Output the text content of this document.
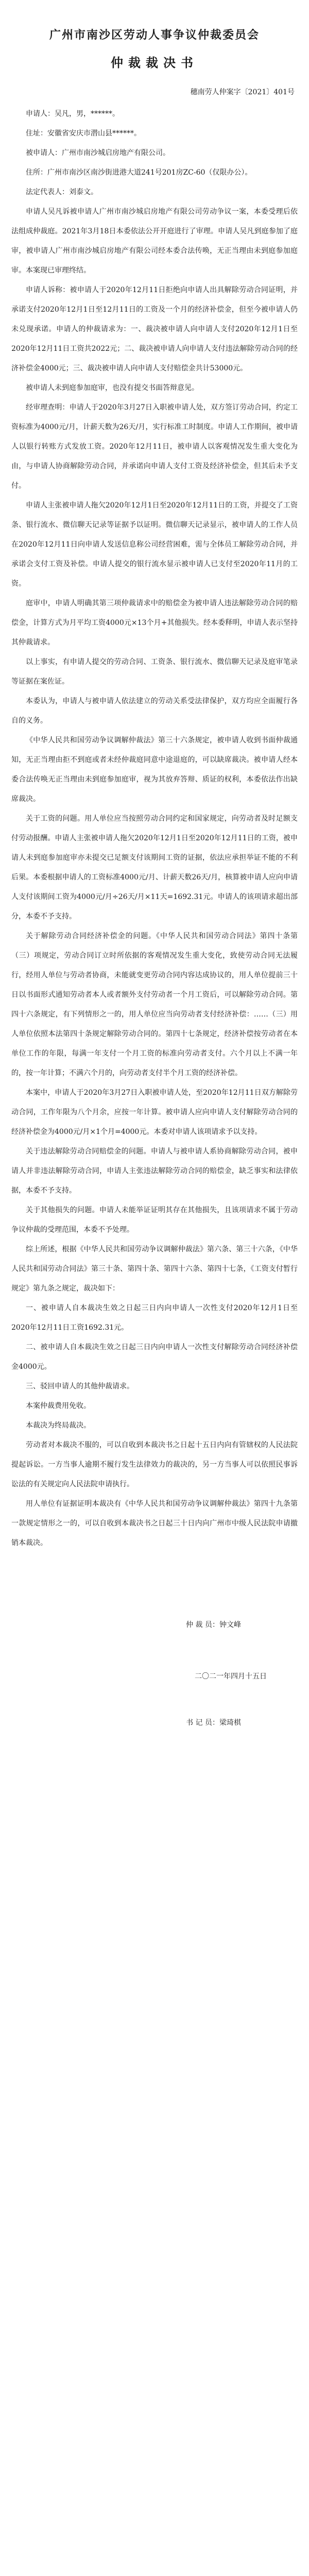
广州市南沙区劳动人事争议仲裁委员会
仲裁裁决书
穗南劳人仲案字〔2021〕401号

申请人：吴凡，男，******。

住址：安徽省安庆市潜山县******。

被申请人：广州市南沙城启房地产有限公司。

住所：广州市南沙区南沙街进港大道241号201房ZC-60（仅限办公）。

法定代表人：刘泰文。

申请人吴凡诉被申请人广州市南沙城启房地产有限公司劳动争议一案，本委受理后依法组成仲裁庭。2021年3月18日本委依法公开开庭进行了审理。申请人吴凡到庭参加了庭审，被申请人广州市南沙城启房地产有限公司经本委合法传唤，无正当理由未到庭参加庭审。本案现已审理终结。

申请人诉称：被申请人于2020年12月11日拒绝向申请人出具解除劳动合同证明，并承诺支付2020年12月1日至12月11日的工资及一个月的经济补偿金，但至今被申请人仍未兑现承诺。申请人的仲裁请求为：一、裁决被申请人向申请人支付2020年12月1日至2020年12月11日工资共2022元；二、裁决被申请人向申请人支付违法解除劳动合同的经济补偿金4000元；三、裁决被申请人向申请人支付赔偿金共计53000元。

被申请人未到庭参加庭审，也没有提交书面答辩意见。

经审理查明：申请人于2020年3月27日入职被申请人处，双方签订劳动合同，约定工资标准为4000元/月，计薪天数为26天/月，实行标准工时制度。申请人工作期间，被申请人以银行转账方式发放工资。2020年12月11日，被申请人以客观情况发生重大变化为由，与申请人协商解除劳动合同，并承诺向申请人支付工资及经济补偿金，但其后未予支付。

申请人主张被申请人拖欠2020年12月1日至2020年12月11日的工资，并提交了工资条、银行流水、微信聊天记录等证据予以证明。微信聊天记录显示，被申请人的工作人员在2020年12月11日向申请人发送信息称公司经营困难，需与全体员工解除劳动合同，并承诺会支付工资及补偿。申请人提交的银行流水显示被申请人已支付至2020年11月的工资。

庭审中，申请人明确其第三项仲裁请求中的赔偿金为被申请人违法解除劳动合同的赔偿金，计算方式为月平均工资4000元×13个月+其他损失。经本委释明，申请人表示坚持其仲裁请求。

以上事实，有申请人提交的劳动合同、工资条、银行流水、微信聊天记录及庭审笔录等证据在案佐证。

本委认为，申请人与被申请人依法建立的劳动关系受法律保护，双方均应全面履行各自的义务。

《中华人民共和国劳动争议调解仲裁法》第三十六条规定，被申请人收到书面仲裁通知，无正当理由拒不到庭或者未经仲裁庭同意中途退庭的，可以缺席裁决。被申请人经本委合法传唤无正当理由未到庭参加庭审，视为其放弃答辩、质证的权利，本委依法作出缺席裁决。

关于工资的问题。用人单位应当按照劳动合同约定和国家规定，向劳动者及时足额支付劳动报酬。申请人主张被申请人拖欠2020年12月1日至2020年12月11日的工资，被申请人未到庭参加庭审亦未提交已足额支付该期间工资的证据，依法应承担举证不能的不利后果。本委根据申请人的工资标准4000元/月、计薪天数26天/月，核算被申请人应向申请人支付该期间工资为4000元/月÷26天/月×11天=1692.31元。申请人的该项请求超出部分，本委不予支持。

关于解除劳动合同经济补偿金的问题。《中华人民共和国劳动合同法》第四十条第（三）项规定，劳动合同订立时所依据的客观情况发生重大变化，致使劳动合同无法履行，经用人单位与劳动者协商，未能就变更劳动合同内容达成协议的，用人单位提前三十日以书面形式通知劳动者本人或者额外支付劳动者一个月工资后，可以解除劳动合同。第四十六条规定，有下列情形之一的，用人单位应当向劳动者支付经济补偿：……（三）用人单位依照本法第四十条规定解除劳动合同的。第四十七条规定，经济补偿按劳动者在本单位工作的年限，每满一年支付一个月工资的标准向劳动者支付。六个月以上不满一年的，按一年计算；不满六个月的，向劳动者支付半个月工资的经济补偿。

本案中，申请人于2020年3月27日入职被申请人处，至2020年12月11日双方解除劳动合同，工作年限为八个月余，应按一年计算。被申请人应向申请人支付解除劳动合同的经济补偿金为4000元/月×1个月=4000元。本委对申请人该项请求予以支持。

关于违法解除劳动合同赔偿金的问题。申请人与被申请人系协商解除劳动合同，被申请人并非违法解除劳动合同，申请人主张违法解除劳动合同的赔偿金，缺乏事实和法律依据，本委不予支持。

关于其他损失的问题。申请人未能举证证明其存在其他损失，且该项请求不属于劳动争议仲裁的受理范围，本委不予处理。

综上所述，根据《中华人民共和国劳动争议调解仲裁法》第六条、第三十六条，《中华人民共和国劳动合同法》第三十条、第四十条、第四十六条、第四十七条，《工资支付暂行规定》第九条之规定，裁决如下：

一、被申请人自本裁决生效之日起三日内向申请人一次性支付2020年12月1日至2020年12月11日工资1692.31元。

二、被申请人自本裁决生效之日起三日内向申请人一次性支付解除劳动合同经济补偿金4000元。

三、驳回申请人的其他仲裁请求。

本案仲裁费用免收。

本裁决为终局裁决。

劳动者对本裁决不服的，可以自收到本裁决书之日起十五日内向有管辖权的人民法院提起诉讼。一方当事人逾期不履行发生法律效力的裁决的，另一方当事人可以依照民事诉讼法的有关规定向人民法院申请执行。

用人单位有证据证明本裁决有《中华人民共和国劳动争议调解仲裁法》第四十九条第一款规定情形之一的，可以自收到本裁决书之日起三十日内向广州市中级人民法院申请撤销本裁决。

仲 裁 员：钟文峰
二〇二一年四月十五日
书 记 员：梁琦棋
